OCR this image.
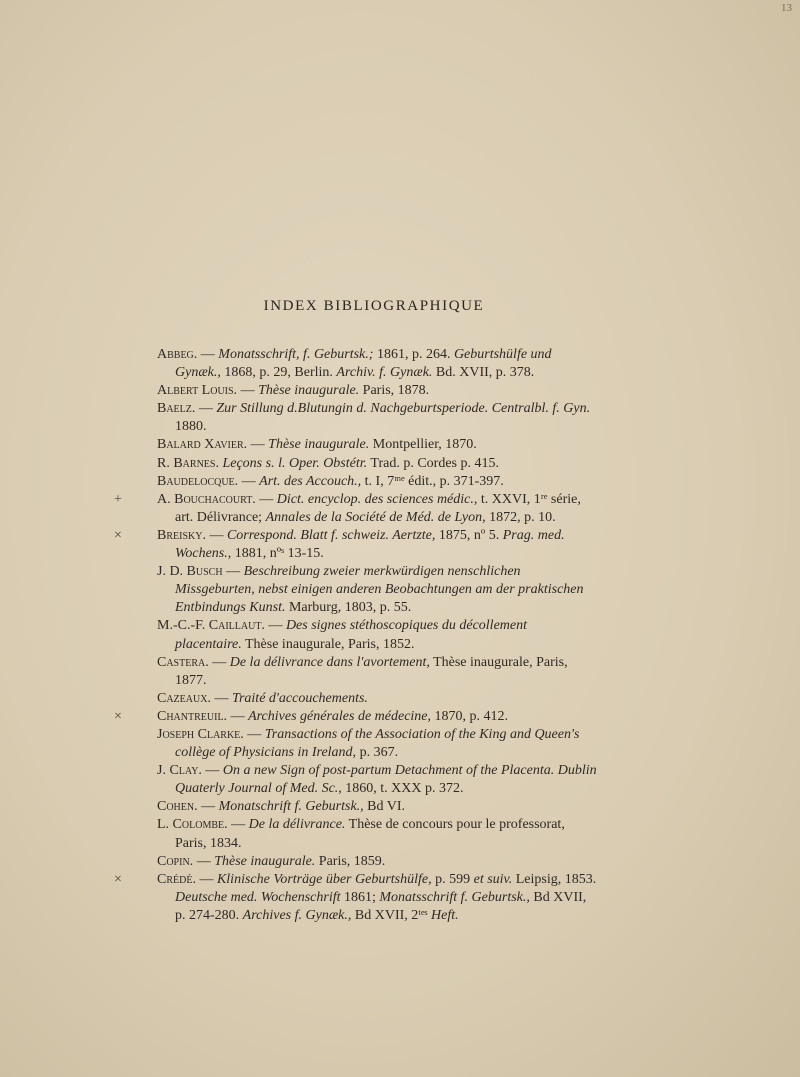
13
INDEX BIBLIOGRAPHIQUE
Abbeg. — Monatsschrift, f. Geburtsk.; 1861, p. 264. Geburtshülfe und Gynæk., 1868, p. 29, Berlin. Archiv. f. Gynæk. Bd. XVII, p. 378.
Albert Louis. — Thèse inaugurale. Paris, 1878.
Baelz. — Zur Stillung d.Blutungin d. Nachgeburtsperiode. Centralbl. f. Gyn. 1880.
Balard Xavier. — Thèse inaugurale. Montpellier, 1870.
R. Barnes. Leçons s. l. Oper. Obstétr. Trad. p. Cordes p. 415.
Baudelocque. — Art. des Accouch., t. I, 7ᵐᵉ édit., p. 371-397.
+	A. Bouchacourt. — Dict. encyclop. des sciences médic., t. XXVI, 1ʳᵉ série, art. Délivrance; Annales de la Société de Méd. de Lyon, 1872, p. 10.
×	Breisky. — Correspond. Blatt f. schweiz. Aertzte, 1875, nº 5. Prag. med. Wochens., 1881, nºˢ 13-15.
J. D. Busch — Beschreibung zweier merkwürdigen nenschlichen Missgeburten, nebst einigen anderen Beobachtungen am der praktischen Entbindungs Kunst. Marburg, 1803, p. 55.
M.-C.-F. Caillaut. — Des signes stéthoscopiques du décollement placentaire. Thèse inaugurale, Paris, 1852.
Castera. — De la délivrance dans l'avortement, Thèse inaugurale, Paris, 1877.
Cazeaux. — Traité d'accouchements.
×	Chantreuil. — Archives générales de médecine, 1870, p. 412.
Joseph Clarke. — Transactions of the Association of the King and Queen's collège of Physicians in Ireland, p. 367.
J. Clay. — On a new Sign of post-partum Detachment of the Placenta. Dublin Quaterly Journal of Med. Sc., 1860, t. XXX p. 372.
Cohen. — Monatschrift f. Geburtsk., Bd VI.
L. Colombe. — De la délivrance. Thèse de concours pour le professorat, Paris, 1834.
Copin. — Thèse inaugurale. Paris, 1859.
×	Crédé. — Klinische Vorträge über Geburtshülfe, p. 599 et suiv. Leipsig, 1853. Deutsche med. Wochenschrift 1861; Monatsschrift f. Geburtsk., Bd XVII, p. 274-280. Archives f. Gynæk., Bd XVII, 2ᵗᵉˢ Heft.
